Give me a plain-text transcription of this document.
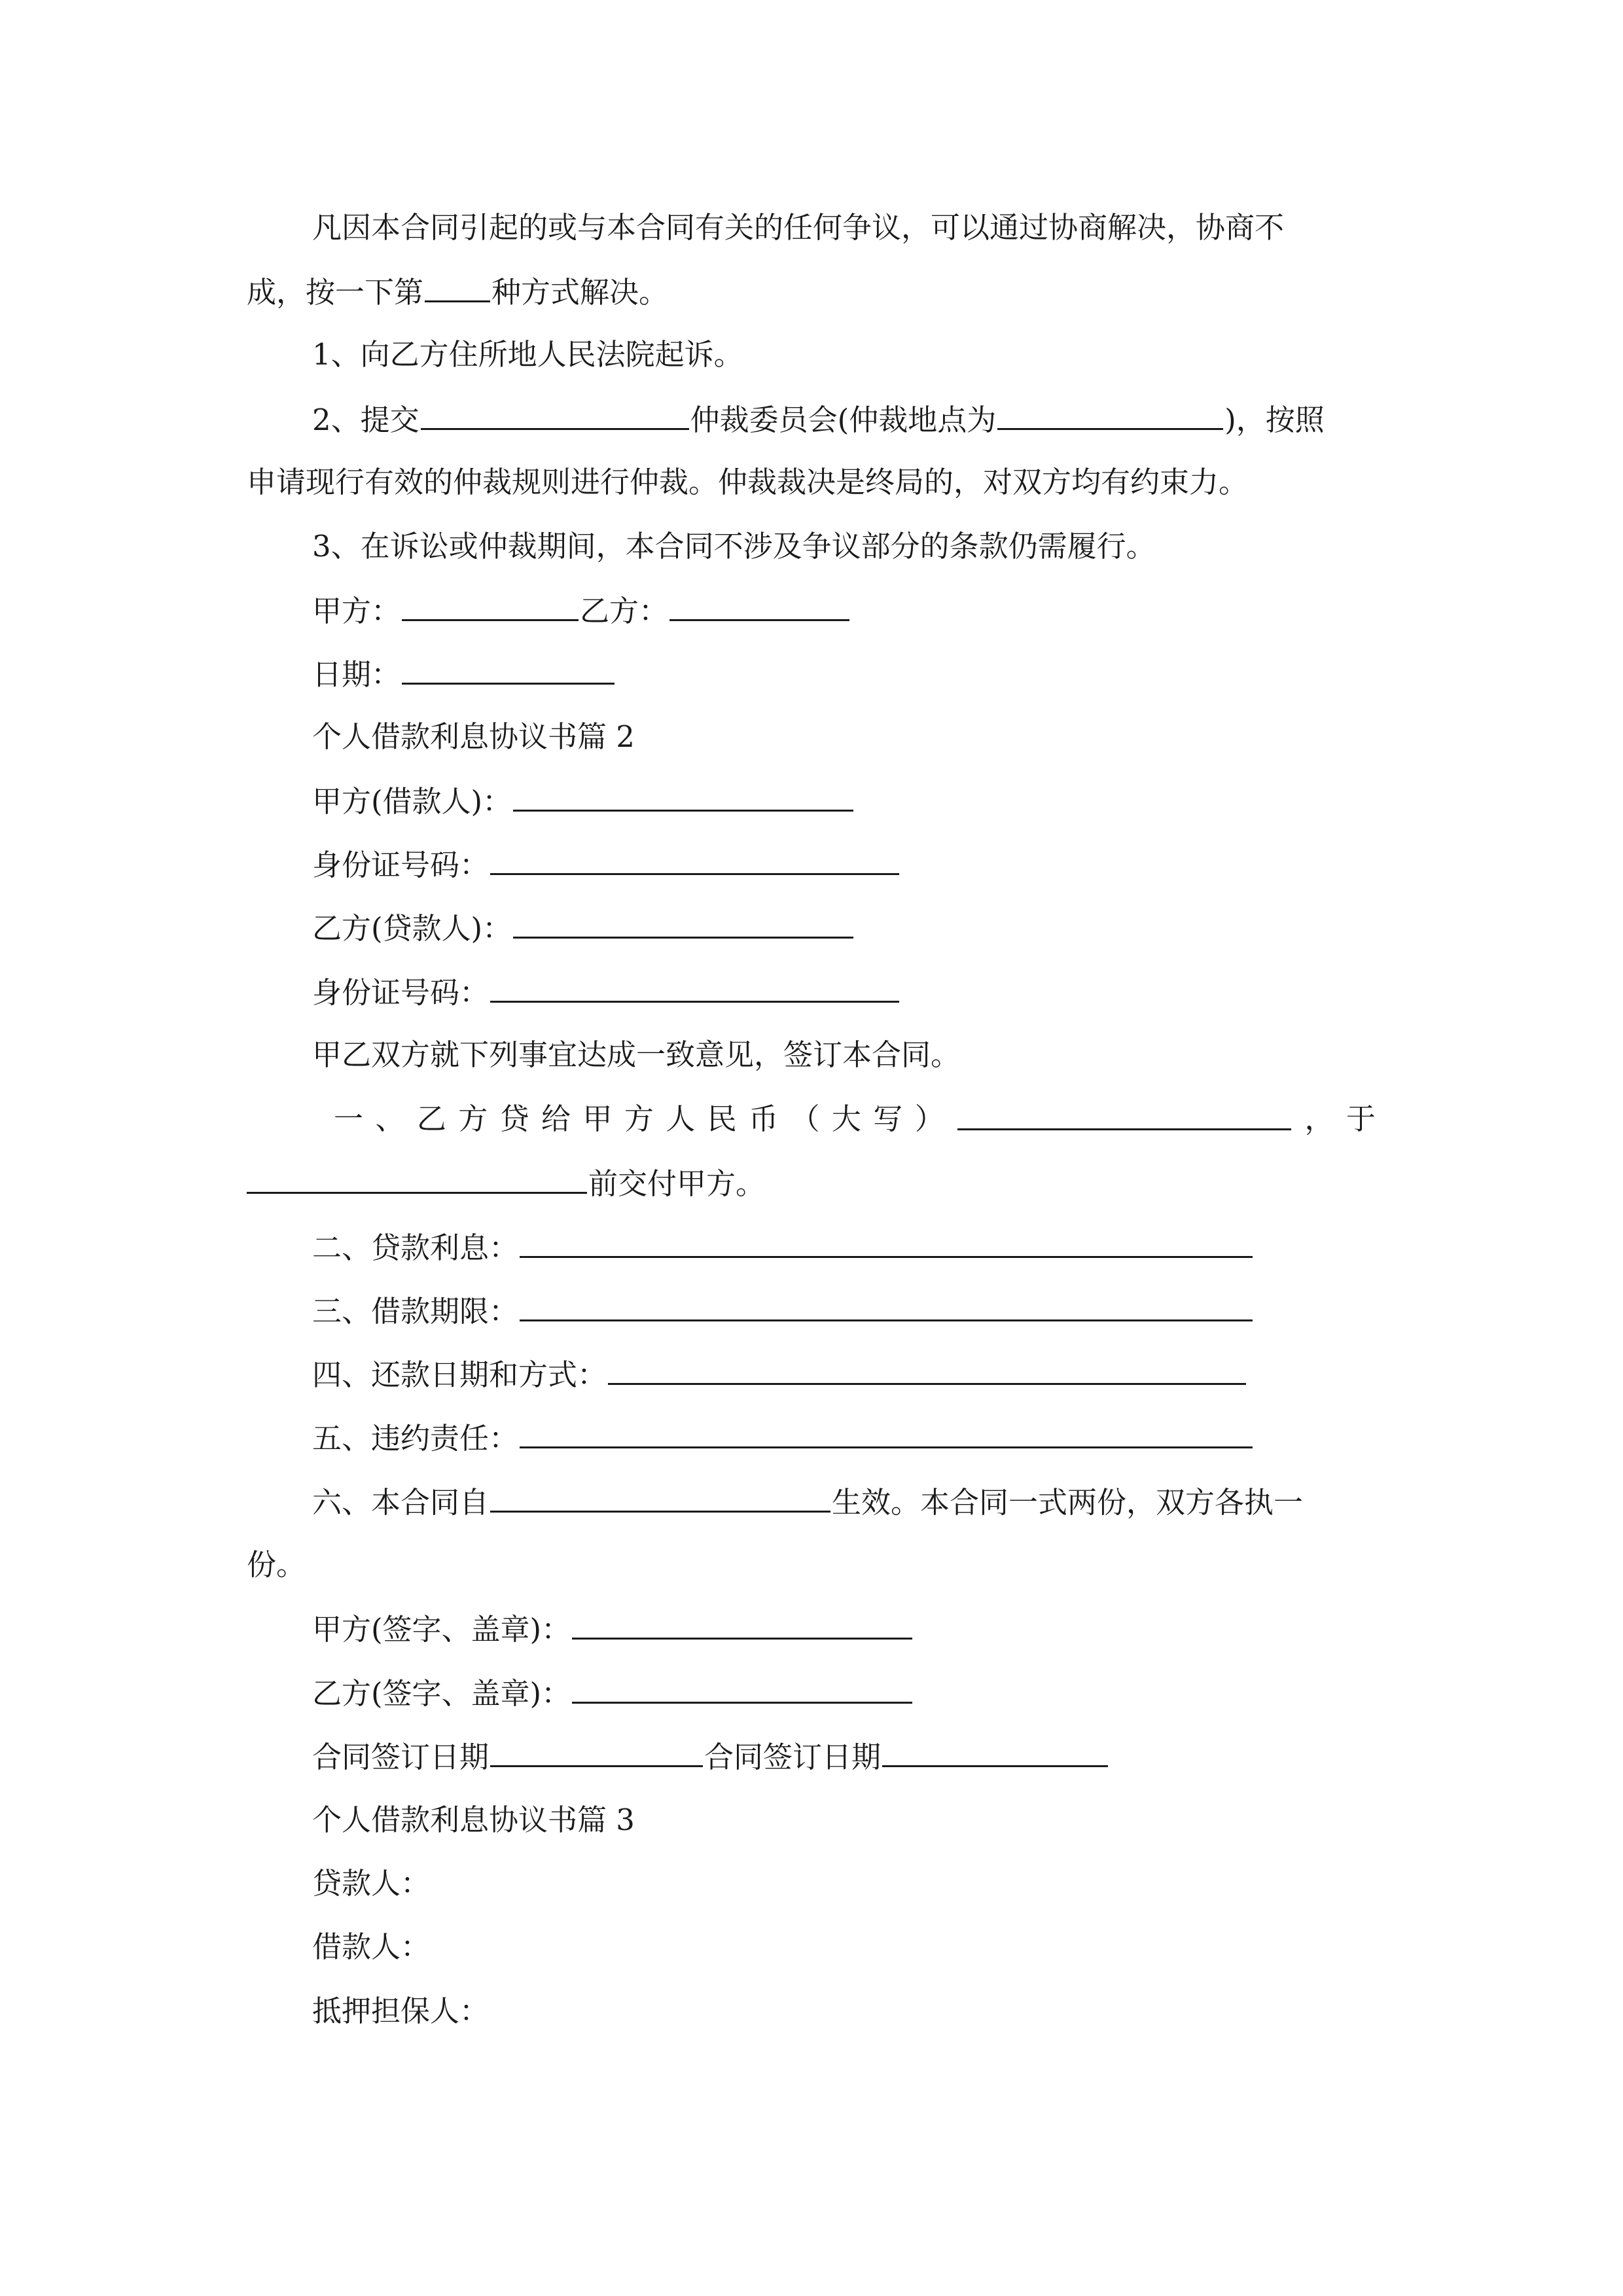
凡因本合同引起的或与本合同有关的任何争议，可以通过协商解决，协商不

成，按一下第 种方式解决。

1、向乙方住所地人民法院起诉。

2、提交	仲裁委员会(仲裁地点为	)，按照

申请现行有效的仲裁规则进行仲裁。仲裁裁决是终局的，对双方均有约束力。

3、在诉讼或仲裁期间，本合同不涉及争议部分的条款仍需履行。

甲方：	乙方：

日期：

个人借款利息协议书篇 2

甲方(借款人)：

身份证号码：

乙方(贷款人)：

身份证号码：

甲乙双方就下列事宜达成一致意见，签订本合同。

一 、 乙 方 贷 给 甲 方 人 民 币 （ 大 写 ）	， 于

前交付甲方。

二、贷款利息：

三、借款期限：

四、还款日期和方式：

五、违约责任：

六、本合同自	生效。本合同一式两份，双方各执一

份。

甲方(签字、盖章)：

乙方(签字、盖章)：

合同签订日期	合同签订日期

个人借款利息协议书篇 3

贷款人：

借款人：

抵押担保人：
